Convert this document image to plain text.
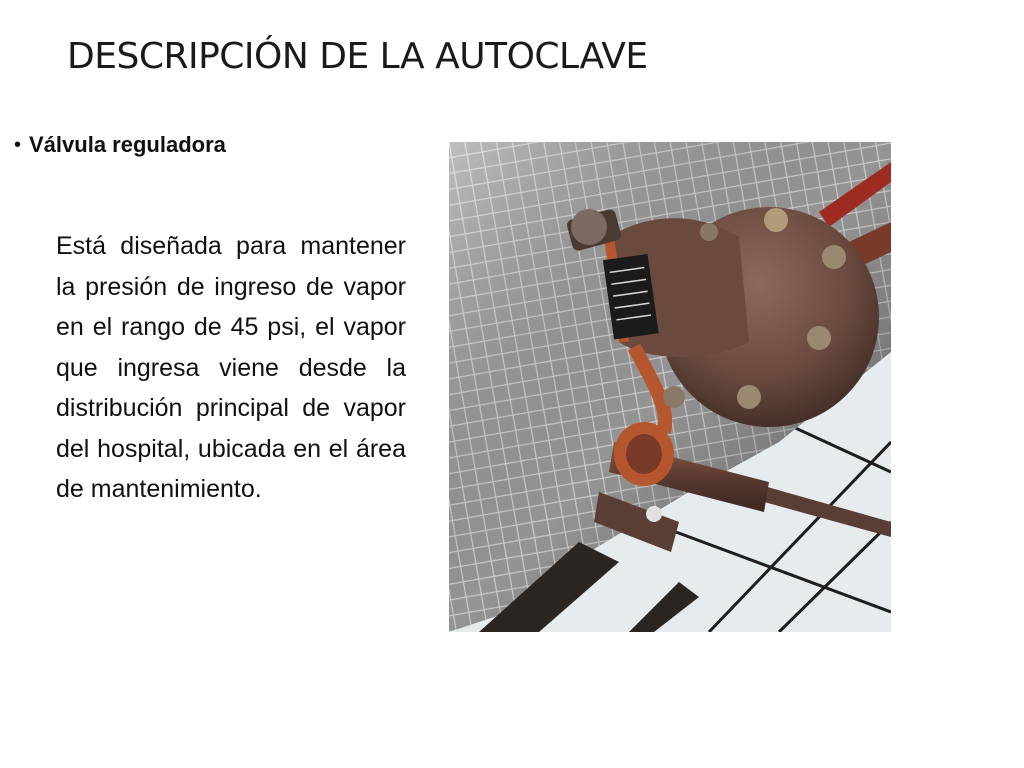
DESCRIPCIÓN DE LA AUTOCLAVE
• Válvula reguladora

Está diseñada para mantener la presión de ingreso de vapor en el rango de 45 psi, el vapor que ingresa viene desde la distribución principal de vapor del hospital, ubicada en el área de mantenimiento.
